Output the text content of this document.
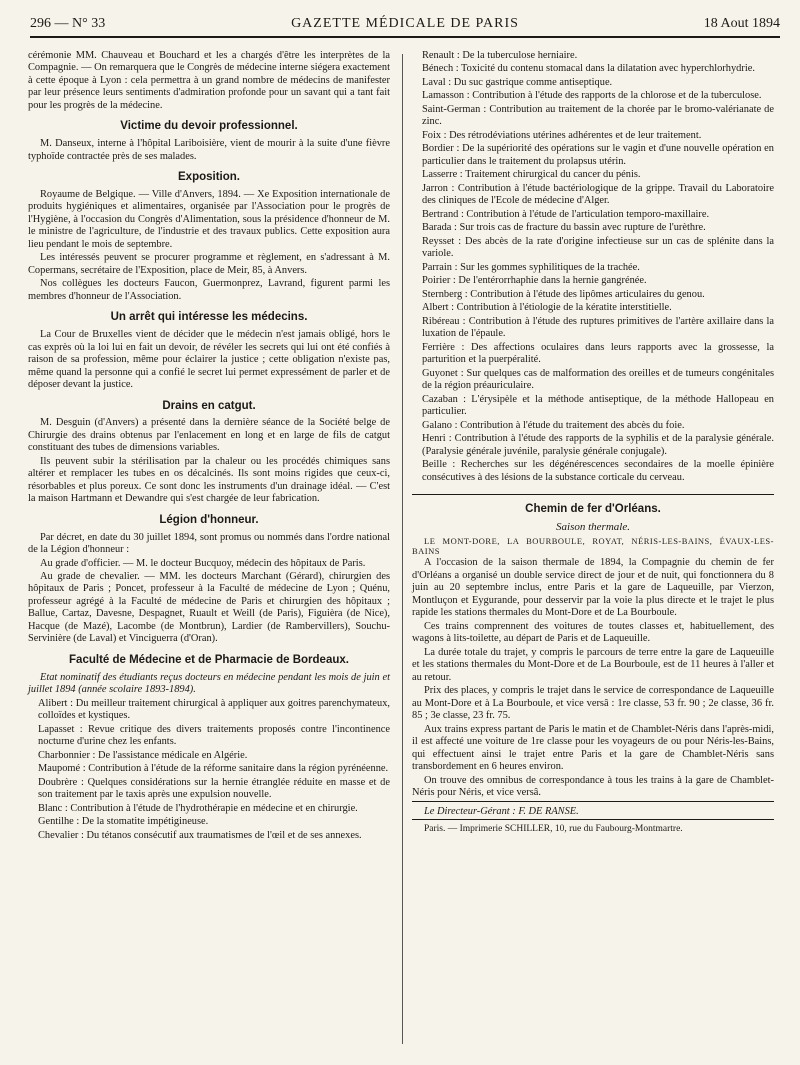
296 — N° 33	GAZETTE MÉDICALE DE PARIS	18 Aout 1894

cérémonie MM. Chauveau et Bouchard et les a chargés d'être les interprètes de la Compagnie. — On remarquera que le Congrès de médecine interne siégera exactement à cette époque à Lyon : cela permettra à un grand nombre de médecins de manifester par leur présence leurs sentiments d'admiration profonde pour un savant qui a tant fait pour les progrès de la médecine.

Victime du devoir professionnel.

M. Danseux, interne à l'hôpital Lariboisière, vient de mourir à la suite d'une fièvre typhoïde contractée près de ses malades.

Exposition.

Royaume de Belgique. — Ville d'Anvers, 1894. — Xe Exposition internationale de produits hygiéniques et alimentaires, organisée par l'Association pour le progrès de l'Hygiène, à l'occasion du Congrès d'Alimentation, sous la présidence d'honneur de M. le ministre de l'agriculture, de l'industrie et des travaux publics. Cette exposition aura lieu pendant le mois de septembre.

Les intéressés peuvent se procurer programme et règlement, en s'adressant à M. Copermans, secrétaire de l'Exposition, place de Meir, 85, à Anvers.

Nos collègues les docteurs Faucon, Guermonprez, Lavrand, figurent parmi les membres d'honneur de l'Association.

Un arrêt qui intéresse les médecins.

La Cour de Bruxelles vient de décider que le médecin n'est jamais obligé, hors le cas exprès où la loi lui en fait un devoir, de révéler les secrets qui lui ont été confiés à raison de sa profession, même pour éclairer la justice ; cette obligation n'existe pas, même quand la personne qui a confié le secret lui permet expressément de parler et de déposer devant la justice.

Drains en catgut.

M. Desguin (d'Anvers) a présenté dans la dernière séance de la Société belge de Chirurgie des drains obtenus par l'enlacement en long et en large de fils de catgut constituant des tubes de dimensions variables.

Ils peuvent subir la stérilisation par la chaleur ou les procédés chimiques sans altérer et remplacer les tubes en os décalcinés. Ils sont moins rigides que ceux-ci, résorbables et plus poreux. Ce sont donc les instruments d'un drainage idéal. — C'est la maison Hartmann et Dewandre qui s'est chargée de leur fabrication.

Légion d'honneur.

Par décret, en date du 30 juillet 1894, sont promus ou nommés dans l'ordre national de la Légion d'honneur :

Au grade d'officier. — M. le docteur Bucquoy, médecin des hôpitaux de Paris.

Au grade de chevalier. — MM. les docteurs Marchant (Gérard), chirurgien des hôpitaux de Paris ; Poncet, professeur à la Faculté de médecine de Lyon ; Quénu, professeur agrégé à la Faculté de médecine de Paris et chirurgien des hôpitaux ; Ballue, Cartaz, Davesne, Despagnet, Ruault et Weill (de Paris), Figuièra (de Nice), Hacque (de Mazé), Lacombe (de Montbrun), Lardier (de Rambervillers), Souchu-Servinière (de Laval) et Vinciguerra (d'Oran).

Faculté de Médecine et de Pharmacie de Bordeaux.

Etat nominatif des étudiants reçus docteurs en médecine pendant les mois de juin et juillet 1894 (année scolaire 1893-1894).

Alibert : Du meilleur traitement chirurgical à appliquer aux goitres parenchymateux, colloïdes et kystiques.

Lapasset : Revue critique des divers traitements proposés contre l'incontinence nocturne d'urine chez les enfants.

Charbonnier : De l'assistance médicale en Algérie.

Maupomé : Contribution à l'étude de la réforme sanitaire dans la région pyrénéenne.

Doubrère : Quelques considérations sur la hernie étranglée réduite en masse et de son traitement par le taxis après une expulsion nouvelle.

Blanc : Contribution à l'étude de l'hydrothérapie en médecine et en chirurgie.

Gentilhe : De la stomatite impétigineuse.

Chevalier : Du tétanos consécutif aux traumatismes de l'œil et de ses annexes.

Renault : De la tuberculose herniaire.

Bénech : Toxicité du contenu stomacal dans la dilatation avec hyperchlorhydrie.

Laval : Du suc gastrique comme antiseptique.

Lamasson : Contribution à l'étude des rapports de la chlorose et de la tuberculose.

Saint-German : Contribution au traitement de la chorée par le bromo-valérianate de zinc.

Foix : Des rétrodéviations utérines adhérentes et de leur traitement.

Bordier : De la supériorité des opérations sur le vagin et d'une nouvelle opération en particulier dans le traitement du prolapsus utérin.

Lasserre : Traitement chirurgical du cancer du pénis.

Jarron : Contribution à l'étude bactériologique de la grippe. Travail du Laboratoire des cliniques de l'Ecole de médecine d'Alger.

Bertrand : Contribution à l'étude de l'articulation temporo-maxillaire.

Barada : Sur trois cas de fracture du bassin avec rupture de l'urèthre.

Reysset : Des abcès de la rate d'origine infectieuse sur un cas de splénite dans la variole.

Parrain : Sur les gommes syphilitiques de la trachée.

Poirier : De l'entérorrhaphie dans la hernie gangrénée.

Sternberg : Contribution à l'étude des lipômes articulaires du genou.

Albert : Contribution à l'étiologie de la kératite interstitielle.

Ribéreau : Contribution à l'étude des ruptures primitives de l'artère axillaire dans la luxation de l'épaule.

Ferrière : Des affections oculaires dans leurs rapports avec la grossesse, la parturition et la puerpéralité.

Guyonet : Sur quelques cas de malformation des oreilles et de tumeurs congénitales de la région préauriculaire.

Cazaban : L'érysipèle et la méthode antiseptique, de la méthode Hallopeau en particulier.

Galano : Contribution à l'étude du traitement des abcès du foie.

Henri : Contribution à l'étude des rapports de la syphilis et de la paralysie générale. (Paralysie générale juvénile, paralysie générale conjugale).

Beille : Recherches sur les dégénérescences secondaires de la moelle épinière consécutives à des lésions de la substance corticale du cerveau.

Chemin de fer d'Orléans.
Saison thermale.

LE MONT-DORE, LA BOURBOULE, ROYAT, NÉRIS-LES-BAINS, ÉVAUX-LES-BAINS

A l'occasion de la saison thermale de 1894, la Compagnie du chemin de fer d'Orléans a organisé un double service direct de jour et de nuit, qui fonctionnera du 8 juin au 20 septembre inclus, entre Paris et la gare de Laqueuille, par Vierzon, Montluçon et Eygurande, pour desservir par la voie la plus directe et le trajet le plus rapide les stations thermales du Mont-Dore et de La Bourboule.

Ces trains comprennent des voitures de toutes classes et, habituellement, des wagons à lits-toilette, au départ de Paris et de Laqueuille.

La durée totale du trajet, y compris le parcours de terre entre la gare de Laqueuille et les stations thermales du Mont-Dore et de La Bourboule, est de 11 heures à l'aller et au retour.

Prix des places, y compris le trajet dans le service de correspondance de Laqueuille au Mont-Dore et à La Bourboule, et vice versâ : 1re classe, 53 fr. 90 ; 2e classe, 36 fr. 85 ; 3e classe, 23 fr. 75.

Aux trains express partant de Paris le matin et de Chamblet-Néris dans l'après-midi, il est affecté une voiture de 1re classe pour les voyageurs de ou pour Néris-les-Bains, qui effectuent ainsi le trajet entre Paris et la gare de Chamblet-Néris sans transbordement en 6 heures environ.

On trouve des omnibus de correspondance à tous les trains à la gare de Chamblet-Néris pour Néris, et vice versâ.

Le Directeur-Gérant : F. DE RANSE.

Paris. — Imprimerie SCHILLER, 10, rue du Faubourg-Montmartre.
